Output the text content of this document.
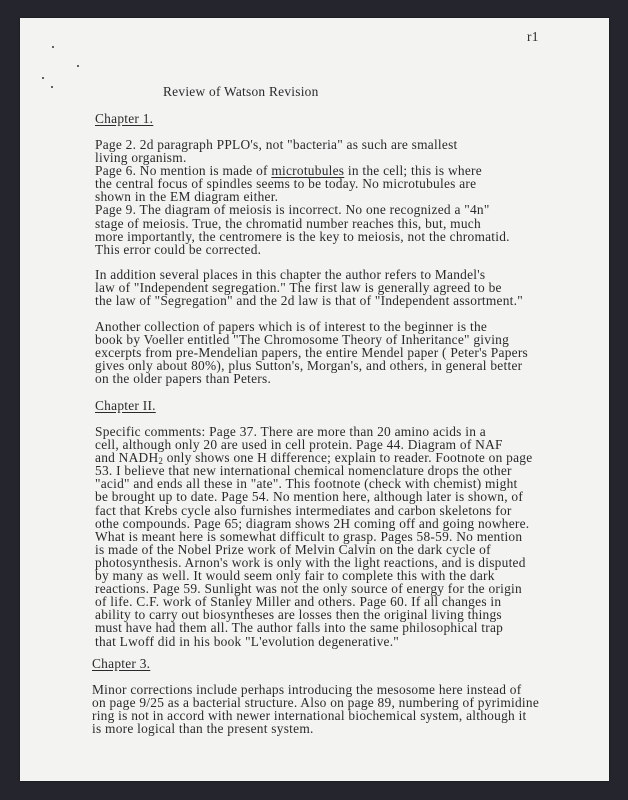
r1
Review of Watson Revision
Chapter 1.
Page 2. 2d paragraph PPLO's, not "bacteria" as such are smallest
living organism.
Page 6. No mention is made of microtubules in the cell; this is where
the central focus of spindles seems to be today. No microtubules are
shown in the EM diagram either.
Page 9. The diagram of meiosis is incorrect. No one recognized a "4n"
stage of meiosis. True, the chromatid number reaches this, but, much
more importantly, the centromere is the key to meiosis, not the chromatid.
This error could be corrected.
In addition several places in this chapter the author refers to Mandel's
law of "Independent segregation." The first law is generally agreed to be
the law of "Segregation" and the 2d law is that of "Independent assortment."
Another collection of papers which is of interest to the beginner is the
book by Voeller entitled "The Chromosome Theory of Inheritance" giving
excerpts from pre-Mendelian papers, the entire Mendel paper ( Peter's Papers
gives only about 80%), plus Sutton's, Morgan's, and others, in general better
on the older papers than Peters.
Chapter II.
Specific comments: Page 37. There are more than 20 amino acids in a
cell, although only 20 are used in cell protein. Page 44. Diagram of NAF
and $NADH_2$ only shows one H difference; explain to reader. Footnote on page
53. I believe that new international chemical nomenclature drops the other
"acid" and ends all these in "ate". This footnote (check with chemist) might
be brought up to date. Page 54. No mention here, although later is shown, of
fact that Krebs cycle also furnishes intermediates and carbon skeletons for
othe compounds. Page 65; diagram shows 2H coming off and going nowhere.
What is meant here is somewhat difficult to grasp. Pages 58-59. No mention
is made of the Nobel Prize work of Melvin Calvin on the dark cycle of
photosynthesis. Arnon's work is only with the light reactions, and is disputed
by many as well. It would seem only fair to complete this with the dark
reactions. Page 59. Sunlight was not the only source of energy for the origin
of life. C.F. work of Stanley Miller and others. Page 60. If all changes in
ability to carry out biosyntheses are losses then the original living things
must have had them all. The author falls into the same philosophical trap
that Lwoff did in his book "L'evolution degenerative."
Chapter 3.
Minor corrections include perhaps introducing the mesosome here instead of
on page 9/25 as a bacterial structure. Also on page 89, numbering of pyrimidine
ring is not in accord with newer international biochemical system, although it
is more logical than the present system.
